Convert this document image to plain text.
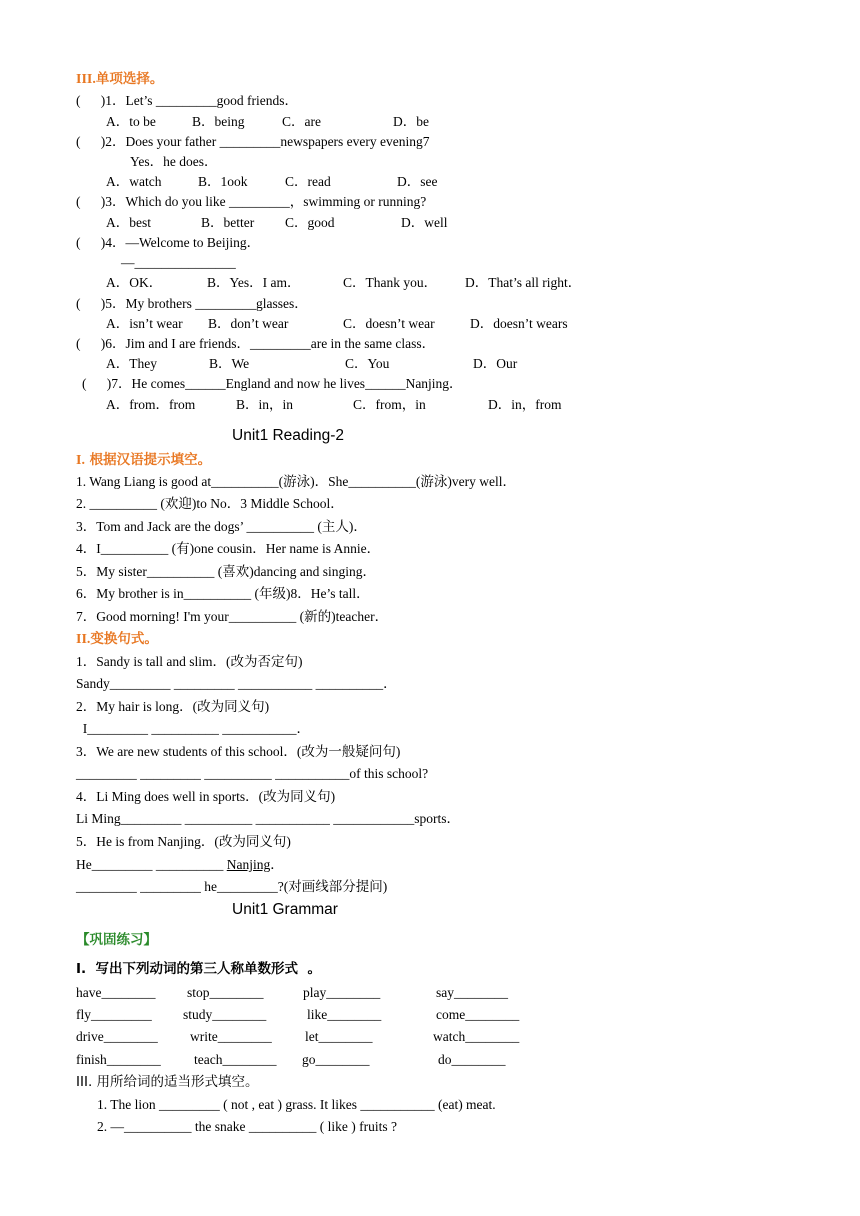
III.单项选择。
(      )1．Let’s _________good friends．
A．to be	B．being	C．are	D．be
(      )2．Does your father _________newspapers every evening7
Yes．he does．
A．watch	B．1ook	C．read	D．see
(      )3．Which do you like _________，swimming or running?
A．best	B．better C．good	D．well
(      )4．—Welcome to Beijing．
—_______________
A．OK．	B．Yes．I am．	C．Thank you． D．That’s all right．
(      )5．My brothers _________glasses．
A．isn’t wear B．don’t wear	C．doesn’t wear	D．doesn’t wears
(      )6．Jim and I are friends．_________are in the same class．
A．They	B．We	C．You	D．Our
(      )7．He comes______England and now he lives______Nanjing．
A．from．from	B．in，in	C．from，in	D．in，from
Unit1 Reading-2
I. 根据汉语提示填空。
1. Wang Liang is good at__________(游泳)．She__________(游泳)very well．
2. __________ (欢迎)to No．3 Middle School．
3．Tom and Jack are the dogs’ __________ (主人)．
4．I__________ (有)one cousin．Her name is Annie．
5．My sister__________ (喜欢)dancing and singing．
6．My brother is in__________ (年级)8．He’s tall．
7．Good morning! I'm your__________ (新的)teacher．
II.变换句式。
1．Sandy is tall and slim．(改为否定句)
Sandy_________ _________ ___________ __________．
2．My hair is long．(改为同义句)
I_________ __________ ___________．
3．We are new students of this school．(改为一般疑问句)
_________ _________ __________ ___________of this school?
4．Li Ming does well in sports．(改为同义句)
Li Ming_________ __________ ___________ ____________sports．
5．He is from Nanjing．(改为同义句)
He_________ __________ Nanjing．
_________ _________ he_________?(对画线部分提问)
Unit1 Grammar
【巩固练习】
I.  写出下列动词的第三人称单数形式  。
have________ stop________	play________	say________
fly_________ study________	like________	come________
drive________ write________ let________	watch________
finish________ teach________ go________	do________
III. 用所给词的适当形式填空。
1. The lion _________ ( not , eat ) grass. It likes ___________ (eat) meat.
2. —__________ the snake __________ ( like ) fruits ?
